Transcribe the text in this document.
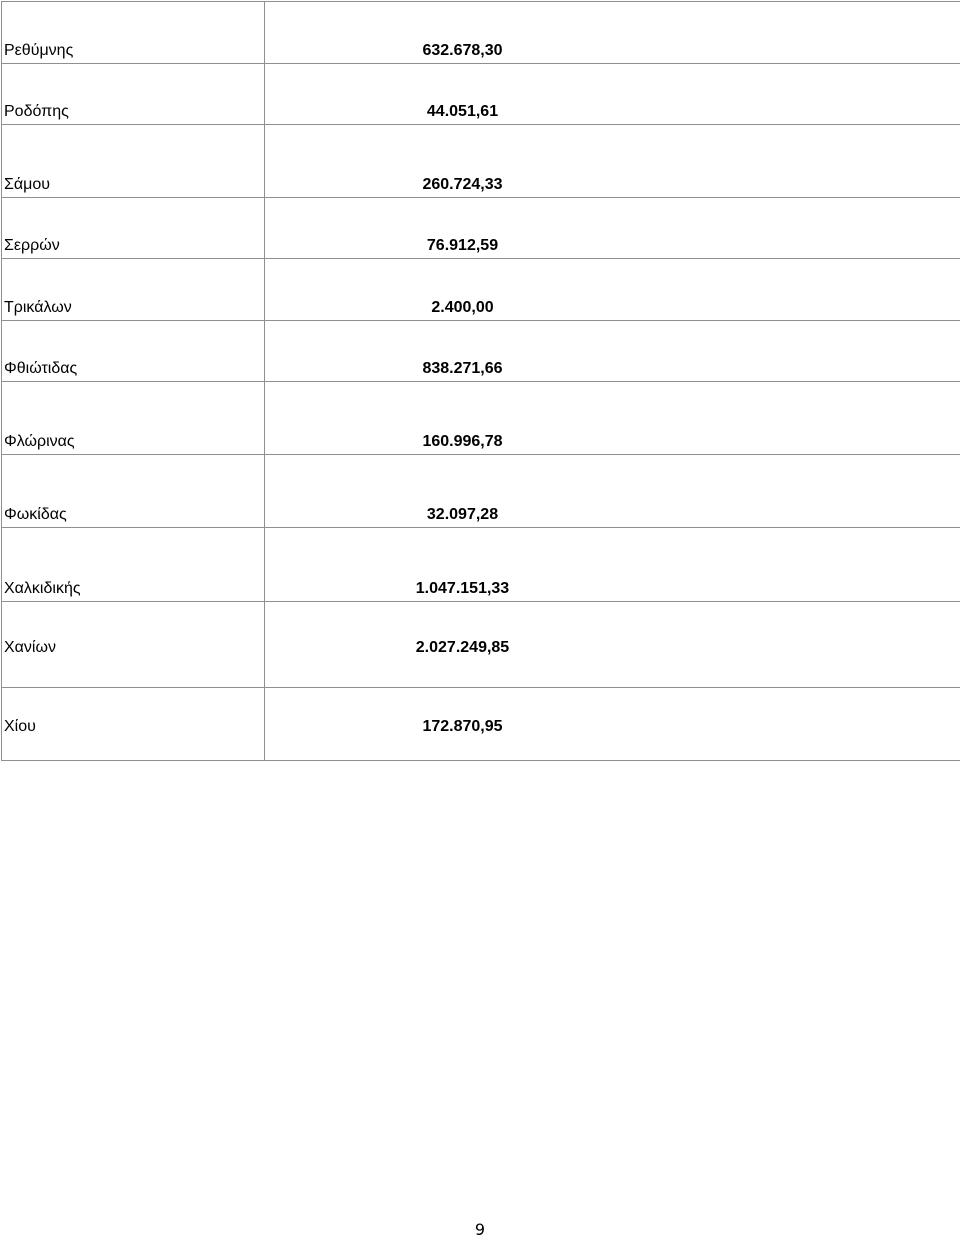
Ρεθύμνης	632.678,30

Ροδόπης	44.051,61

Σάμου	260.724,33

Σερρών	76.912,59

Τρικάλων	2.400,00

Φθιώτιδας	838.271,66

Φλώρινας	160.996,78

Φωκίδας	32.097,28

Χαλκιδικής	1.047.151,33

Χανίων	2.027.249,85

Χίου	172.870,95
9
